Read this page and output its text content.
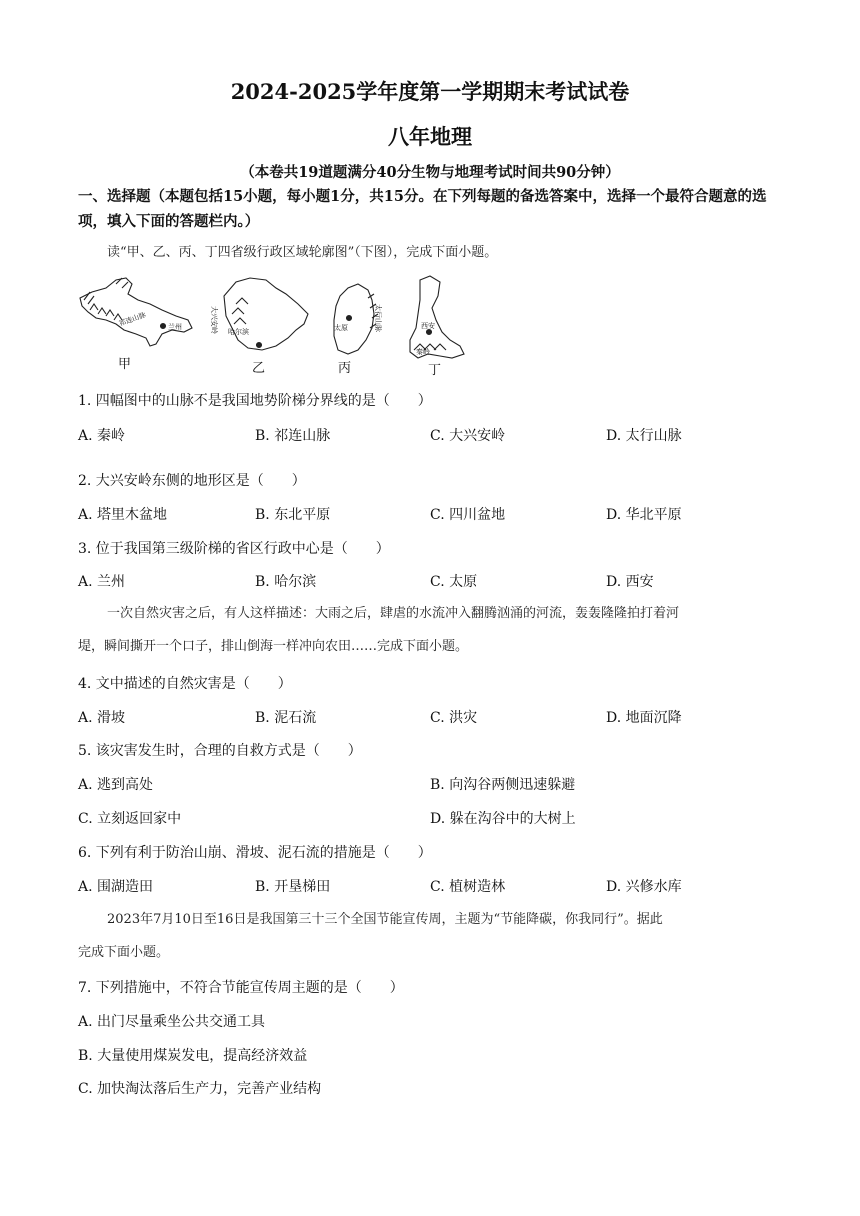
2024-2025学年度第一学期期末考试试卷
八年地理
（本卷共19道题满分40分生物与地理考试时间共90分钟）
一、选择题（本题包括15小题，每小题1分，共15分。在下列每题的备选答案中，选择一个最符合题意的选项，填入下面的答题栏内。）
读“甲、乙、丙、丁四省级行政区域轮廓图”（下图），完成下面小题。
祁连山脉	兰州
甲
大兴安岭 哈尔滨
乙
太行山脉
太原
丙
西安
秦岭
丁
1. 四幅图中的山脉不是我国地势阶梯分界线的是（　　）
A. 秦岭	B. 祁连山脉	C. 大兴安岭	D. 太行山脉
2. 大兴安岭东侧的地形区是（　　）
A. 塔里木盆地	B. 东北平原	C. 四川盆地	D. 华北平原
3. 位于我国第三级阶梯的省区行政中心是（　　）
A. 兰州	B. 哈尔滨	C. 太原	D. 西安
一次自然灾害之后，有人这样描述：大雨之后，肆虐的水流冲入翻腾汹涌的河流，轰轰隆隆拍打着河
堤，瞬间撕开一个口子，排山倒海一样冲向农田……完成下面小题。
4. 文中描述的自然灾害是（　　）
A. 滑坡	B. 泥石流	C. 洪灾	D. 地面沉降
5. 该灾害发生时，合理的自救方式是（　　）
A. 逃到高处	B. 向沟谷两侧迅速躲避
C. 立刻返回家中	D. 躲在沟谷中的大树上
6. 下列有利于防治山崩、滑坡、泥石流的措施是（　　）
A. 围湖造田	B. 开垦梯田	C. 植树造林	D. 兴修水库
2023年7月10日至16日是我国第三十三个全国节能宣传周，主题为“节能降碳，你我同行”。据此
完成下面小题。
7. 下列措施中，不符合节能宣传周主题的是（　　）
A. 出门尽量乘坐公共交通工具
B. 大量使用煤炭发电，提高经济效益
C. 加快淘汰落后生产力，完善产业结构
